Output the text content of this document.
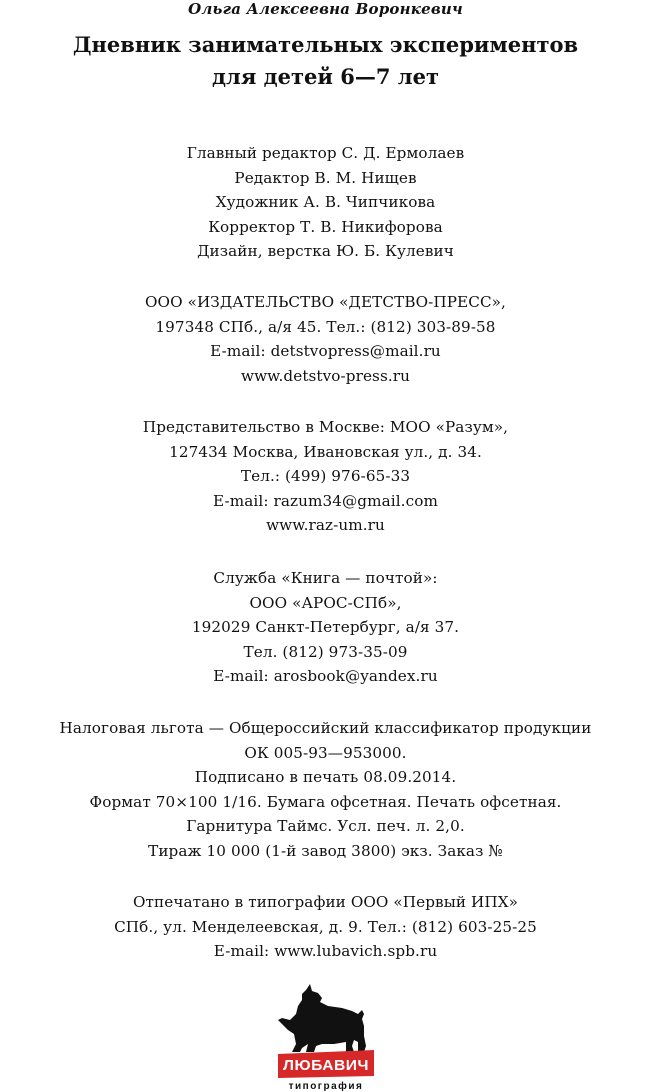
Ольга Алексеевна Воронкевич
Дневник занимательных экспериментов
для детей 6—7 лет
Главный редактор С. Д. Ермолаев
Редактор В. М. Нищев
Художник А. В. Чипчикова
Корректор Т. В. Никифорова
Дизайн, верстка Ю. Б. Кулевич
ООО «ИЗДАТЕЛЬСТВО «ДЕТСТВО-ПРЕСС»,
197348 СПб., а/я 45. Тел.: (812) 303-89-58
E-mail: detstvopress@mail.ru
www.detstvo-press.ru
Представительство в Москве: МОО «Разум»,
127434 Москва, Ивановская ул., д. 34.
Тел.: (499) 976-65-33
E-mail: razum34@gmail.com
www.raz-um.ru
Служба «Книга — почтой»:
ООО «АРОС-СПб»,
192029 Санкт-Петербург, а/я 37.
Тел. (812) 973-35-09
E-mail: arosbook@yandex.ru
Налоговая льгота — Общероссийский классификатор продукции
ОК 005-93—953000.
Подписано в печать 08.09.2014.
Формат 70×100 1/16. Бумага офсетная. Печать офсетная.
Гарнитура Таймс. Усл. печ. л. 2,0.
Тираж 10 000 (1-й завод 3800) экз. Заказ №
Отпечатано в типографии ООО «Первый ИПХ»
СПб., ул. Менделеевская, д. 9. Тел.: (812) 603-25-25
E-mail: www.lubavich.spb.ru
ЛЮБАВИЧ
типография
